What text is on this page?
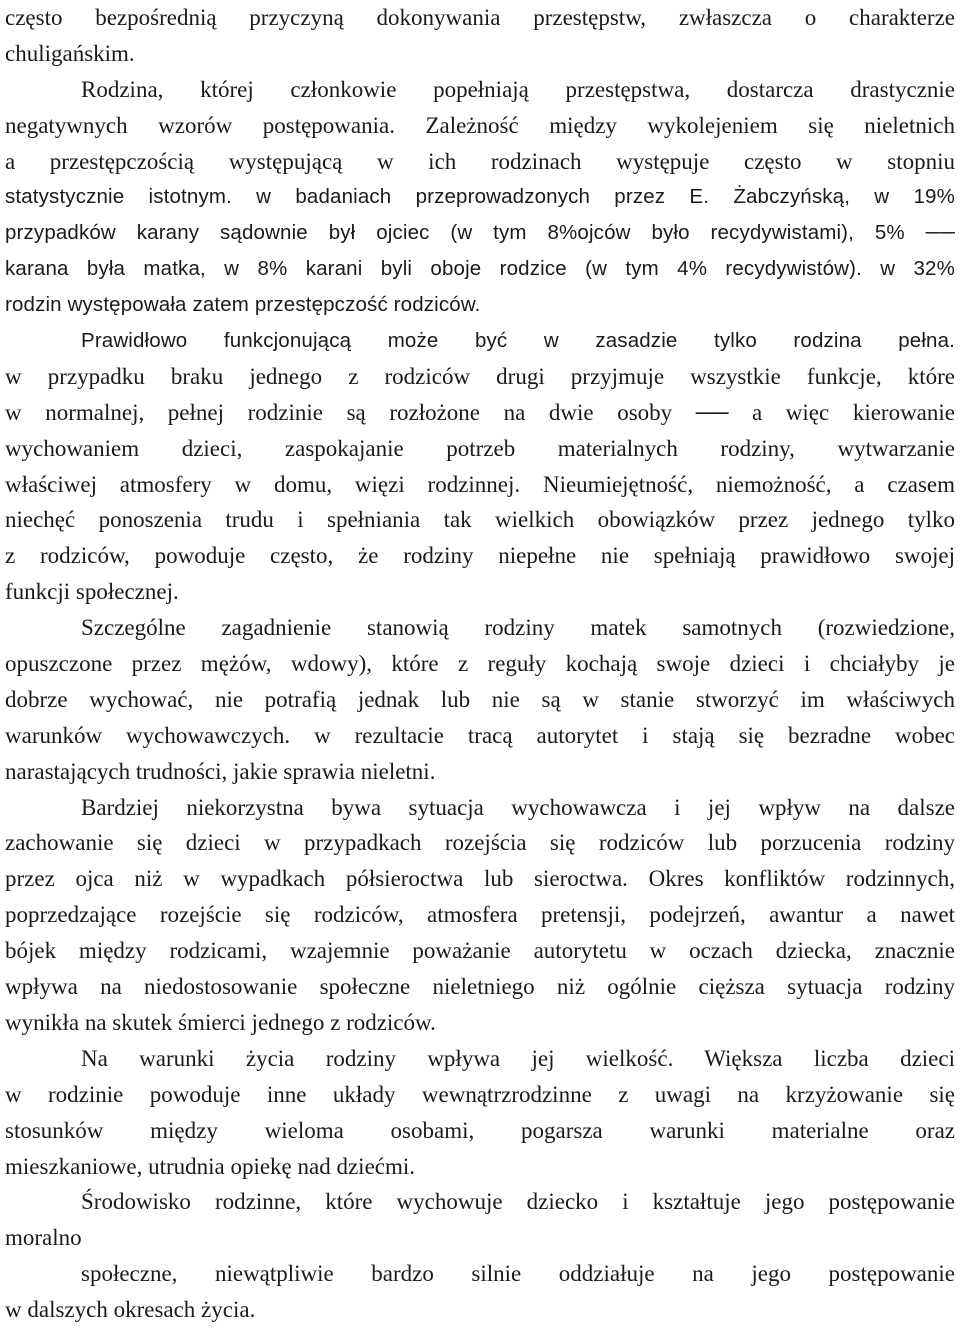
często bezpośrednią przyczyną dokonywania przestępstw, zwłaszcza o charakterze
chuligańskim.
Rodzina, której członkowie popełniają przestępstwa, dostarcza drastycznie
negatywnych wzorów postępowania. Zależność między wykolejeniem się nieletnich
a przestępczością występującą w ich rodzinach występuje często w stopniu
statystycznie istotnym. w badaniach przeprowadzonych przez E. Żabczyńską, w 19%
przypadków karany sądownie był ojciec (w tym 8%ojców było recydywistami), 5% ──
karana była matka, w 8% karani byli oboje rodzice (w tym 4% recydywistów). w 32%
rodzin występowała zatem przestępczość rodziców.
Prawidłowo funkcjonującą może być w zasadzie tylko rodzina pełna.
w przypadku braku jednego z rodziców drugi przyjmuje wszystkie funkcje, które
w normalnej, pełnej rodzinie są rozłożone na dwie osoby ── a więc kierowanie
wychowaniem dzieci, zaspokajanie potrzeb materialnych rodziny, wytwarzanie
właściwej atmosfery w domu, więzi rodzinnej. Nieumiejętność, niemożność, a czasem
niechęć ponoszenia trudu i spełniania tak wielkich obowiązków przez jednego tylko
z rodziców, powoduje często, że rodziny niepełne nie spełniają prawidłowo swojej
funkcji społecznej.
Szczególne zagadnienie stanowią rodziny matek samotnych (rozwiedzione,
opuszczone przez mężów, wdowy), które z reguły kochają swoje dzieci i chciałyby je
dobrze wychować, nie potrafią jednak lub nie są w stanie stworzyć im właściwych
warunków wychowawczych. w rezultacie tracą autorytet i stają się bezradne wobec
narastających trudności, jakie sprawia nieletni.
Bardziej niekorzystna bywa sytuacja wychowawcza i jej wpływ na dalsze
zachowanie się dzieci w przypadkach rozejścia się rodziców lub porzucenia rodziny
przez ojca niż w wypadkach półsieroctwa lub sieroctwa. Okres konfliktów rodzinnych,
poprzedzające rozejście się rodziców, atmosfera pretensji, podejrzeń, awantur a nawet
bójek między rodzicami, wzajemnie poważanie autorytetu w oczach dziecka, znacznie
wpływa na niedostosowanie społeczne nieletniego niż ogólnie cięższa sytuacja rodziny
wynikła na skutek śmierci jednego z rodziców.
Na warunki życia rodziny wpływa jej wielkość. Większa liczba dzieci
w rodzinie powoduje inne układy wewnątrzrodzinne z uwagi na krzyżowanie się
stosunków między wieloma osobami, pogarsza warunki materialne oraz
mieszkaniowe, utrudnia opiekę nad dziećmi.
Środowisko rodzinne, które wychowuje dziecko i kształtuje jego postępowanie
moralno
społeczne, niewątpliwie bardzo silnie oddziałuje na jego postępowanie
w dalszych okresach życia.
